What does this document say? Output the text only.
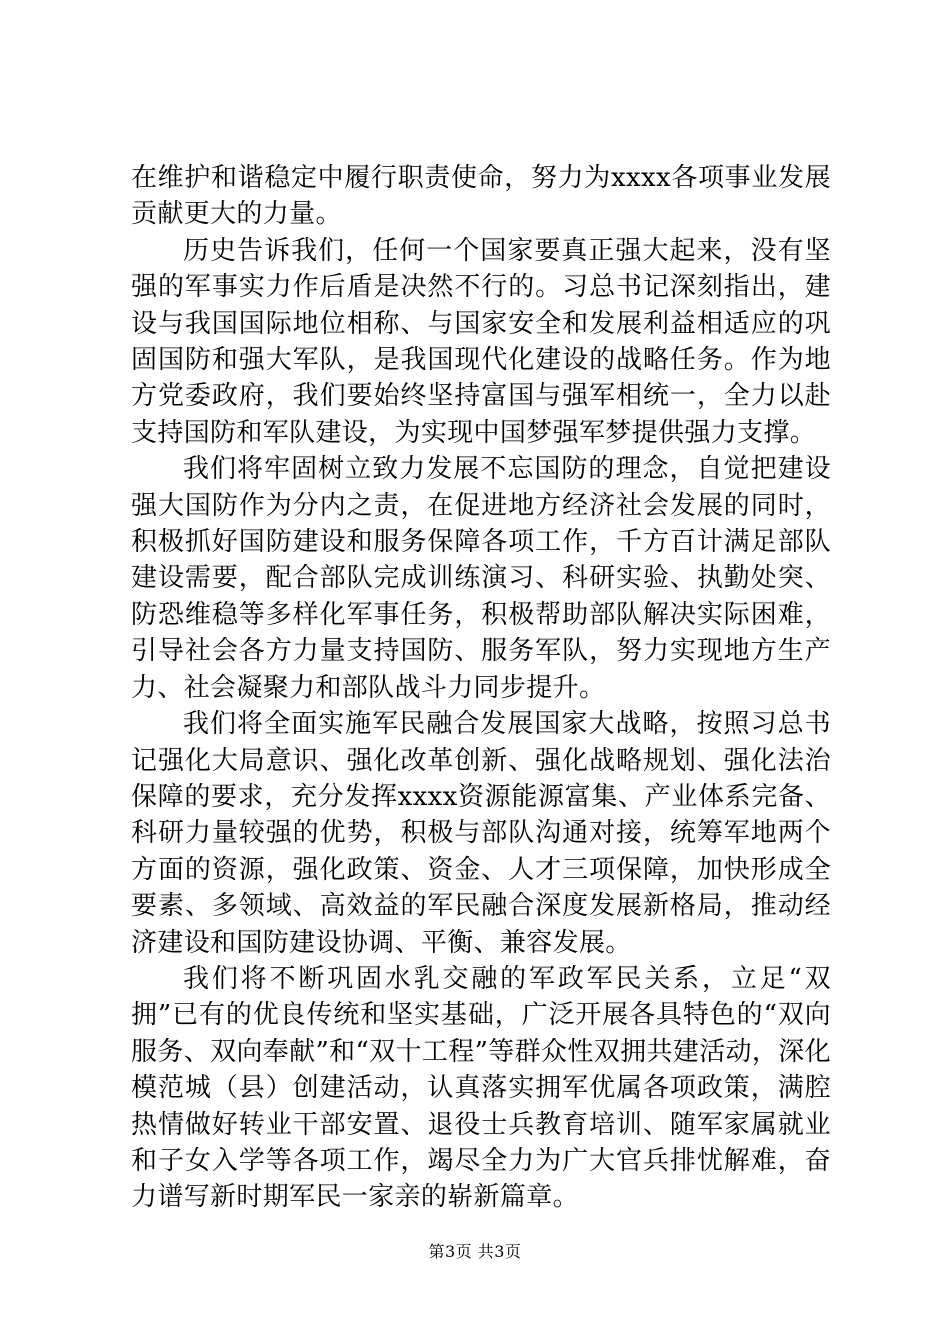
在维护和谐稳定中履行职责使命，努力为xxxx各项事业发展贡献更大的力量。

历史告诉我们，任何一个国家要真正强大起来，没有坚强的军事实力作后盾是决然不行的。习总书记深刻指出，建设与我国国际地位相称、与国家安全和发展利益相适应的巩固国防和强大军队，是我国现代化建设的战略任务。作为地方党委政府，我们要始终坚持富国与强军相统一，全力以赴支持国防和军队建设，为实现中国梦强军梦提供强力支撑。

我们将牢固树立致力发展不忘国防的理念，自觉把建设强大国防作为分内之责，在促进地方经济社会发展的同时，积极抓好国防建设和服务保障各项工作，千方百计满足部队建设需要，配合部队完成训练演习、科研实验、执勤处突、防恐维稳等多样化军事任务，积极帮助部队解决实际困难，引导社会各方力量支持国防、服务军队，努力实现地方生产力、社会凝聚力和部队战斗力同步提升。

我们将全面实施军民融合发展国家大战略，按照习总书记强化大局意识、强化改革创新、强化战略规划、强化法治保障的要求，充分发挥xxxx资源能源富集、产业体系完备、科研力量较强的优势，积极与部队沟通对接，统筹军地两个方面的资源，强化政策、资金、人才三项保障，加快形成全要素、多领域、高效益的军民融合深度发展新格局，推动经济建设和国防建设协调、平衡、兼容发展。

我们将不断巩固水乳交融的军政军民关系，立足“双拥”已有的优良传统和坚实基础，广泛开展各具特色的“双向服务、双向奉献”和“双十工程”等群众性双拥共建活动，深化模范城（县）创建活动，认真落实拥军优属各项政策，满腔热情做好转业干部安置、退役士兵教育培训、随军家属就业和子女入学等各项工作，竭尽全力为广大官兵排忧解难，奋力谱写新时期军民一家亲的崭新篇章。

第3页 共3页
